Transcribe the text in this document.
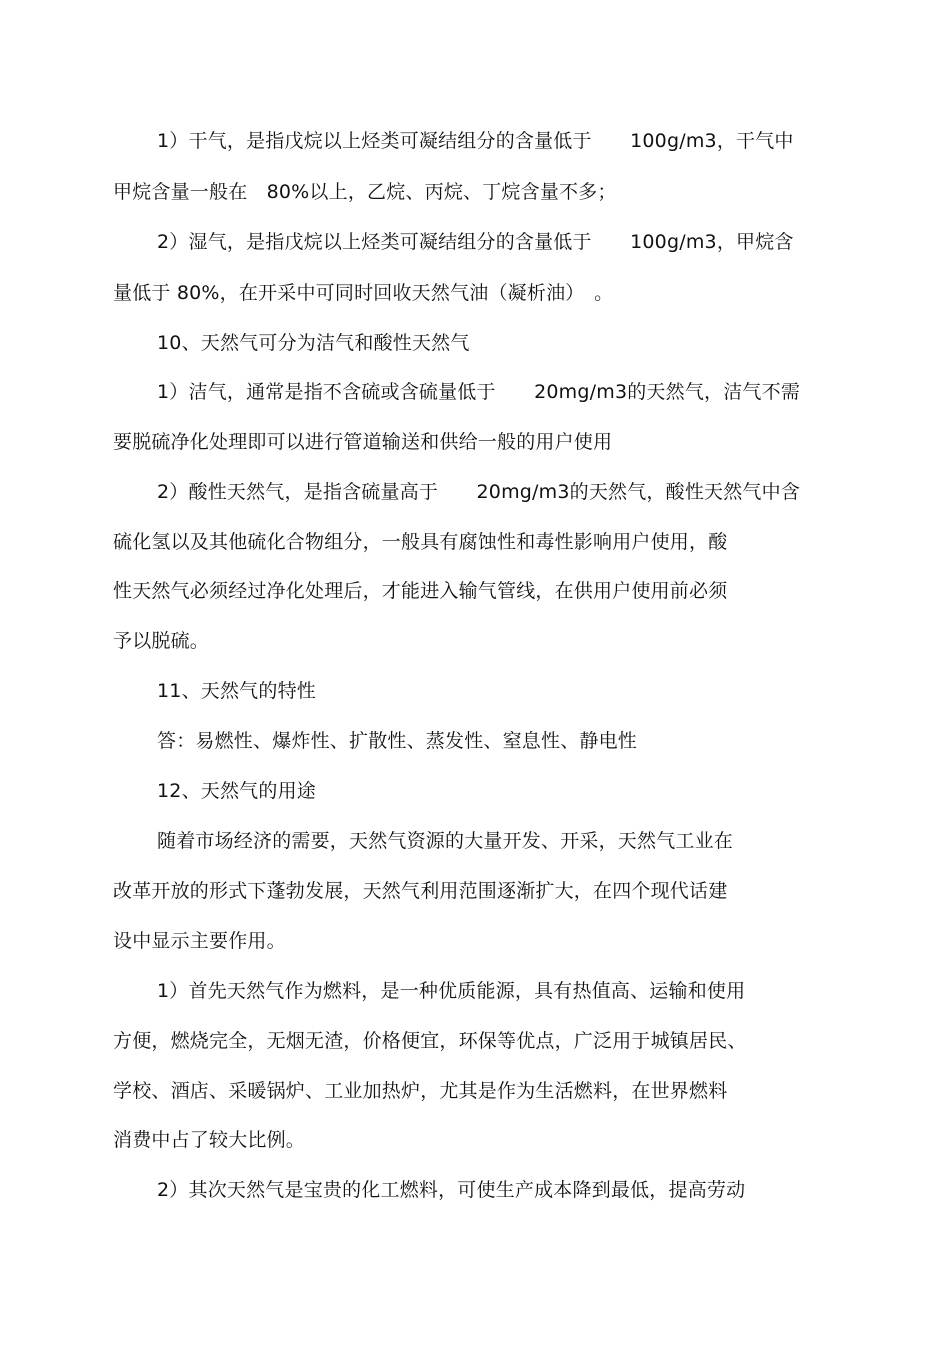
1）干气，是指戊烷以上烃类可凝结组分的含量低于　　100g/m3，干气中
甲烷含量一般在　80%以上，乙烷、丙烷、丁烷含量不多；
2）湿气，是指戊烷以上烃类可凝结组分的含量低于　　100g/m3，甲烷含
量低于 80%，在开采中可同时回收天然气油（凝析油）　。
10、天然气可分为洁气和酸性天然气
1）洁气，通常是指不含硫或含硫量低于　　20mg/m3的天然气，洁气不需
要脱硫净化处理即可以进行管道输送和供给一般的用户使用
2）酸性天然气，是指含硫量高于　　20mg/m3的天然气，酸性天然气中含
硫化氢以及其他硫化合物组分，一般具有腐蚀性和毒性影响用户使用，酸
性天然气必须经过净化处理后，才能进入输气管线，在供用户使用前必须
予以脱硫。
11、天然气的特性
答：易燃性、爆炸性、扩散性、蒸发性、窒息性、静电性
12、天然气的用途
随着市场经济的需要，天然气资源的大量开发、开采，天然气工业在
改革开放的形式下蓬勃发展，天然气利用范围逐渐扩大，在四个现代话建
设中显示主要作用。
1）首先天然气作为燃料，是一种优质能源，具有热值高、运输和使用
方便，燃烧完全，无烟无渣，价格便宜，环保等优点，广泛用于城镇居民、
学校、酒店、采暖锅炉、工业加热炉，尤其是作为生活燃料，在世界燃料
消费中占了较大比例。
2）其次天然气是宝贵的化工燃料，可使生产成本降到最低，提高劳动
